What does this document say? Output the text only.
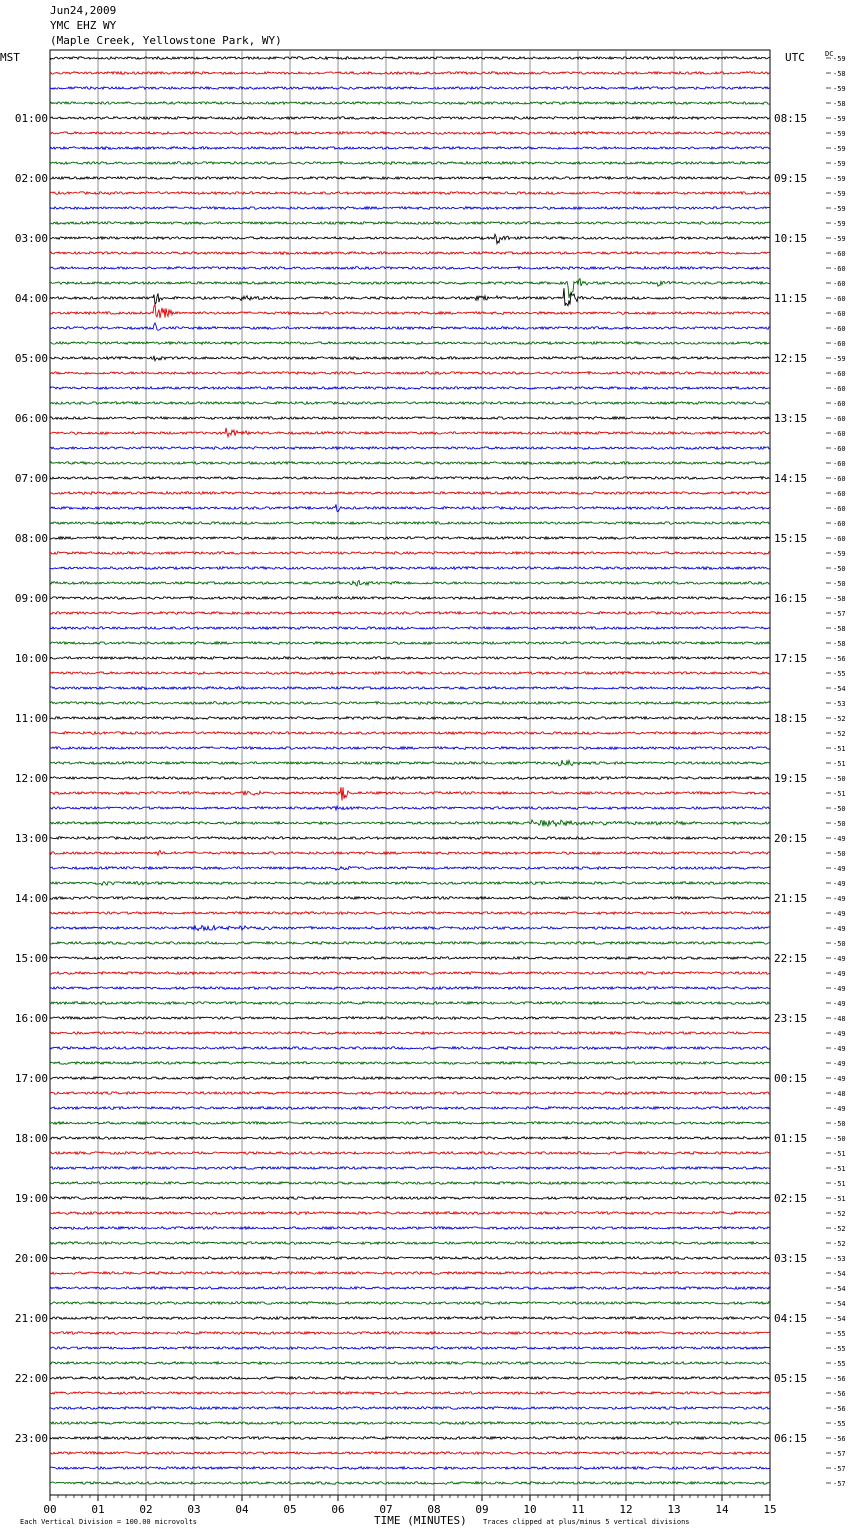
Jun24,2009
YMC EHZ WY
(Maple Creek, Yellowstone Park, WY)
00	01	02	03	04	05	06	07	08	09	10	11	12	13	14	15
-59
-58
-59
-58
-59
-59
-59
-59
-59
-59
-59
-59
-59
-60
-60
-60
-60
-60
-60
-60
-59
-60
-60
-60
-60
-60
-60
-60
-60
-60
-60
-60
-60
-59
-50
-50
-58
-57
-58
-58
-56
-55
-54
-53
-52
-52
-51
-51
-50
-51
-50
-50
-49
-50
-49
-49
-49
-49
-49
-50
-49
-49
-49
-49
-48
-49
-49
-49
-49
-48
-49
-50
-50
-51
-51
-51
-51
-52
-52
-52
-53
-54
-54
-54
-54
-55
-55
-55
-56
-56
-56
-55
-56
-57
-57
-57
01:00	08:15
02:00	09:15
03:00	10:15
04:00	11:15
05:00	12:15
06:00	13:15
07:00	14:15
08:00	15:15
09:00	16:15
10:00	17:15
11:00	18:15
12:00	19:15
13:00	20:15
14:00	21:15
15:00	22:15
16:00	23:15
17:00	00:15
18:00	01:15
19:00	02:15
20:00	03:15
21:00	04:15
22:00	05:15
23:00	06:15
MST	UTC	DC
Each Vertical Division = 100.00 microvolts	TIME (MINUTES) Traces clipped at plus/minus 5 vertical divisions
